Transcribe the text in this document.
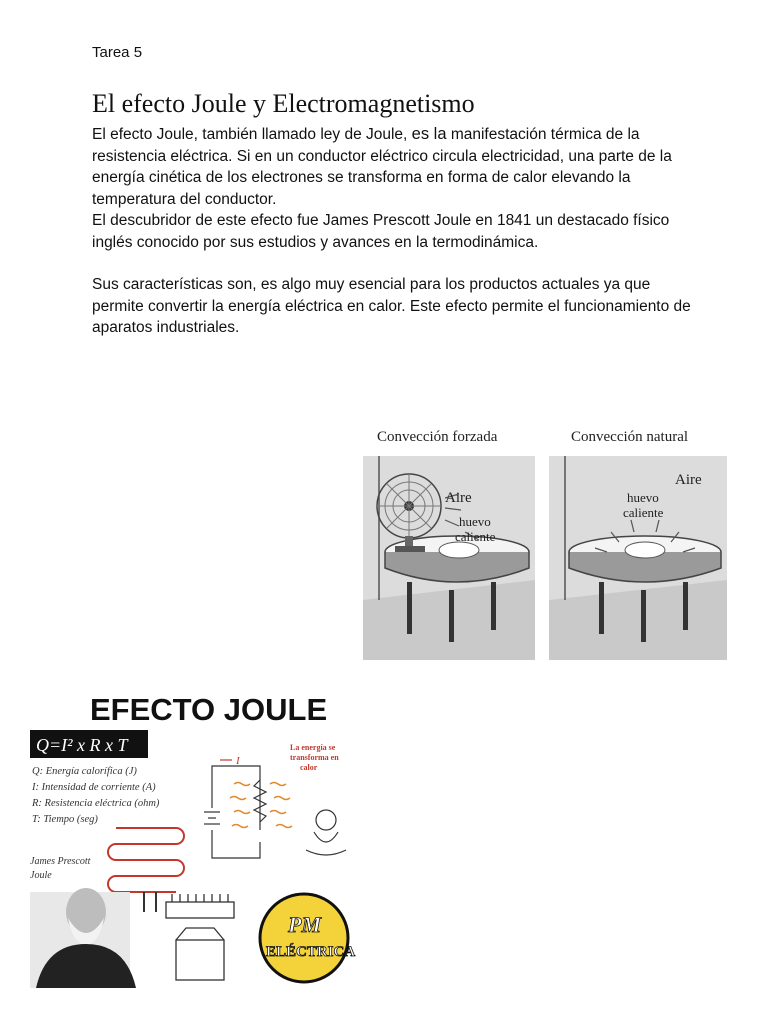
Tarea 5
El efecto Joule y Electromagnetismo

El efecto Joule, también llamado ley de Joule, es la manifestación térmica de la resistencia eléctrica. Si en un conductor eléctrico circula electricidad, una parte de la energía cinética de los electrones se transforma en forma de calor elevando la temperatura del conductor.

El descubridor de este efecto fue James Prescott Joule en 1841 un destacado físico inglés conocido por sus estudios y avances en la termodinámica.

Sus características son, es algo muy esencial para los productos actuales ya que permite convertir la energía eléctrica en calor. Este efecto permite el funcionamiento de aparatos industriales.

Convección forzada	Convección natural
Aire
huevo
caliente
Aire
huevo
caliente
EFECTO JOULE
Q=I² x R x T
Q: Energía calorífica (J)
I: Intensidad de corriente (A)
R: Resistencia eléctrica (ohm)
T: Tiempo (seg)
I
La energía se
transforma en
calor
James Prescott
Joule
PM
ELÉCTRICA
